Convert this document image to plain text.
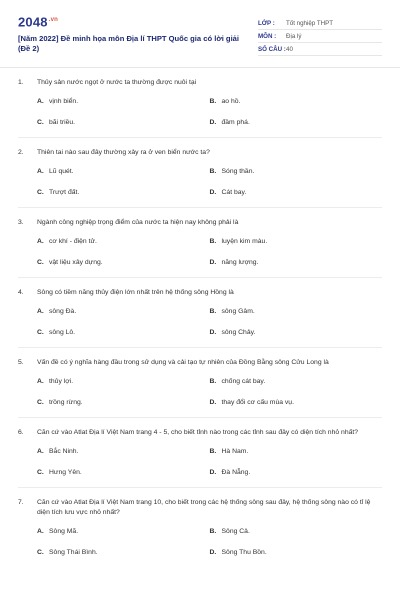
$2048^{.vn}$
[Năm 2022] Đề minh họa môn Địa lí THPT Quốc gia có lời giải (Đề 2)
LỚP :	Tốt nghiệp THPT
MÔN :	Địa lý
SỐ CÂU : 40
1.	Thủy sản nước ngọt ở nước ta thường được nuôi tại
A. vịnh biển.	B. ao hồ.
C. bãi triều.	D. đầm phá.
2.	Thiên tai nào sau đây thường xảy ra ở ven biển nước ta?
A. Lũ quét.	B. Sóng thần.
C. Trượt đất.	D. Cát bay.
3.	Ngành công nghiệp trọng điểm của nước ta hiện nay không phải là
A. cơ khí - điện tử.	B. luyện kim màu.
C. vật liệu xây dựng.	D. năng lượng.
4.	Sông có tiềm năng thủy điện lớn nhất trên hệ thống sông Hồng là
A. sông Đà.	B. sông Gâm.
C. sông Lô.	D. sông Chảy.
5.	Vấn đề có ý nghĩa hàng đầu trong sử dụng và cải tạo tự nhiên của Đồng Bằng sông Cửu Long là
A. thủy lợi.	B. chống cát bay.
C. trồng rừng.	D. thay đổi cơ cấu mùa vụ.
6.	Căn cứ vào Atlat Địa lí Việt Nam trang 4 - 5, cho biết tỉnh nào trong các tỉnh sau đây có diện tích nhỏ nhất?
A. Bắc Ninh.	B. Hà Nam.
C. Hưng Yên.	D. Đà Nẵng.
7.	Căn cứ vào Atlat Địa lí Việt Nam trang 10, cho biết trong các hệ thống sông sau đây, hệ thống sông nào có tỉ lệ diện tích lưu vực nhỏ nhất?
A. Sông Mã.	B. Sông Cả.
C. Sông Thái Bình.	D. Sông Thu Bồn.
